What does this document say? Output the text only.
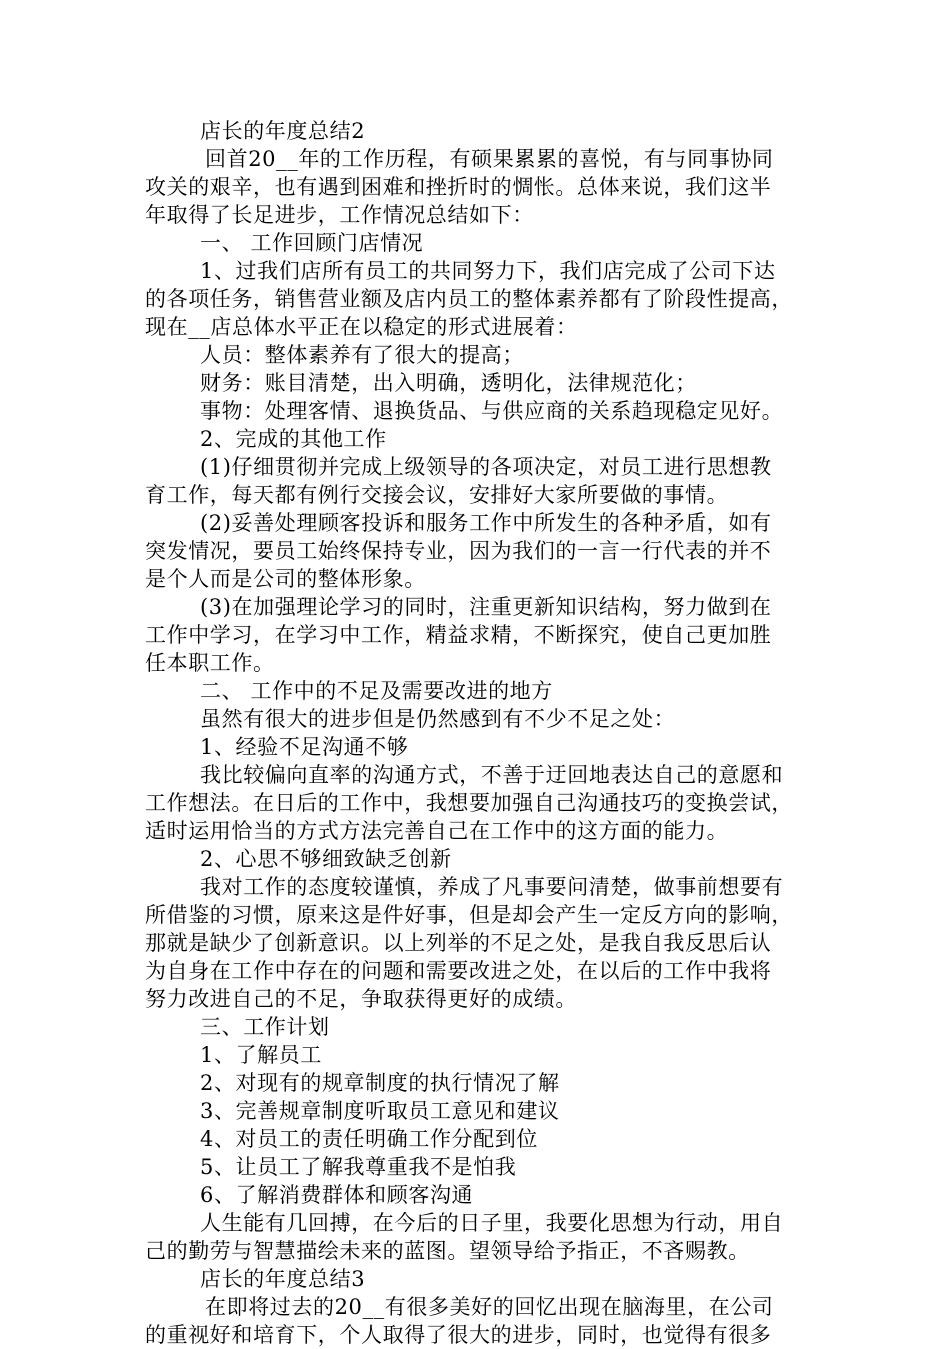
店长的年度总结2
回首20__年的工作历程，有硕果累累的喜悦，有与同事协同
攻关的艰辛，也有遇到困难和挫折时的惆怅。总体来说，我们这半
年取得了长足进步，工作情况总结如下：
一、 工作回顾门店情况
1、过我们店所有员工的共同努力下，我们店完成了公司下达
的各项任务，销售营业额及店内员工的整体素养都有了阶段性提高，
现在__店总体水平正在以稳定的形式进展着：
人员：整体素养有了很大的提高；
财务：账目清楚，出入明确，透明化，法律规范化；
事物：处理客情、退换货品、与供应商的关系趋现稳定见好。
2、完成的其他工作
(1)仔细贯彻并完成上级领导的各项决定，对员工进行思想教
育工作，每天都有例行交接会议，安排好大家所要做的事情。
(2)妥善处理顾客投诉和服务工作中所发生的各种矛盾，如有
突发情况，要员工始终保持专业，因为我们的一言一行代表的并不
是个人而是公司的整体形象。
(3)在加强理论学习的同时，注重更新知识结构，努力做到在
工作中学习，在学习中工作，精益求精，不断探究，使自己更加胜
任本职工作。
二、 工作中的不足及需要改进的地方
虽然有很大的进步但是仍然感到有不少不足之处：
1、经验不足沟通不够
我比较偏向直率的沟通方式，不善于迂回地表达自己的意愿和
工作想法。在日后的工作中，我想要加强自己沟通技巧的变换尝试，
适时运用恰当的方式方法完善自己在工作中的这方面的能力。
2、心思不够细致缺乏创新
我对工作的态度较谨慎，养成了凡事要问清楚，做事前想要有
所借鉴的习惯，原来这是件好事，但是却会产生一定反方向的影响，
那就是缺少了创新意识。以上列举的不足之处，是我自我反思后认
为自身在工作中存在的问题和需要改进之处，在以后的工作中我将
努力改进自己的不足，争取获得更好的成绩。
三、工作计划
1、了解员工
2、对现有的规章制度的执行情况了解
3、完善规章制度听取员工意见和建议
4、对员工的责任明确工作分配到位
5、让员工了解我尊重我不是怕我
6、了解消费群体和顾客沟通
人生能有几回搏，在今后的日子里，我要化思想为行动，用自
己的勤劳与智慧描绘未来的蓝图。望领导给予指正，不吝赐教。
店长的年度总结3
在即将过去的20__有很多美好的回忆出现在脑海里，在公司
的重视好和培育下，个人取得了很大的进步，同时，也觉得有很多
